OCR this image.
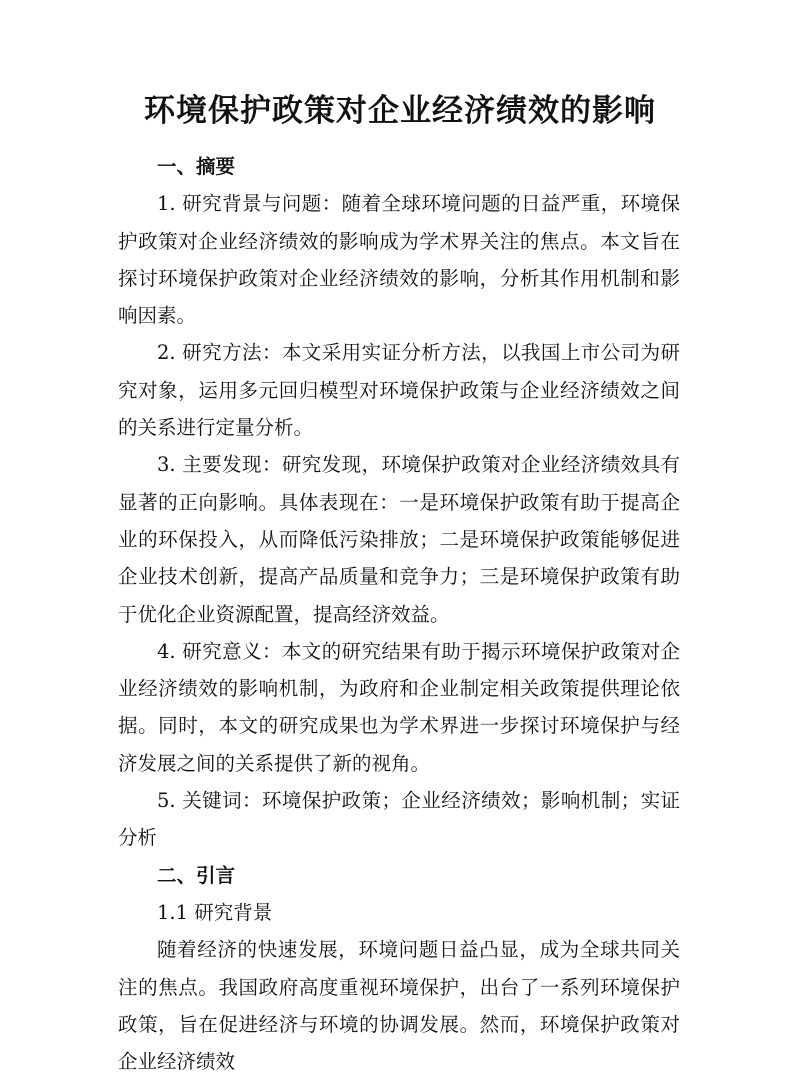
环境保护政策对企业经济绩效的影响

一、摘要

1. 研究背景与问题：随着全球环境问题的日益严重，环境保护政策对企业经济绩效的影响成为学术界关注的焦点。本文旨在探讨环境保护政策对企业经济绩效的影响，分析其作用机制和影响因素。

2. 研究方法：本文采用实证分析方法，以我国上市公司为研究对象，运用多元回归模型对环境保护政策与企业经济绩效之间的关系进行定量分析。

3. 主要发现：研究发现，环境保护政策对企业经济绩效具有显著的正向影响。具体表现在：一是环境保护政策有助于提高企业的环保投入，从而降低污染排放；二是环境保护政策能够促进企业技术创新，提高产品质量和竞争力；三是环境保护政策有助于优化企业资源配置，提高经济效益。

4. 研究意义：本文的研究结果有助于揭示环境保护政策对企业经济绩效的影响机制，为政府和企业制定相关政策提供理论依据。同时，本文的研究成果也为学术界进一步探讨环境保护与经济发展之间的关系提供了新的视角。

5. 关键词：环境保护政策；企业经济绩效；影响机制；实证分析

二、引言

1.1 研究背景

随着经济的快速发展，环境问题日益凸显，成为全球共同关注的焦点。我国政府高度重视环境保护，出台了一系列环境保护政策，旨在促进经济与环境的协调发展。然而，环境保护政策对企业经济绩效
